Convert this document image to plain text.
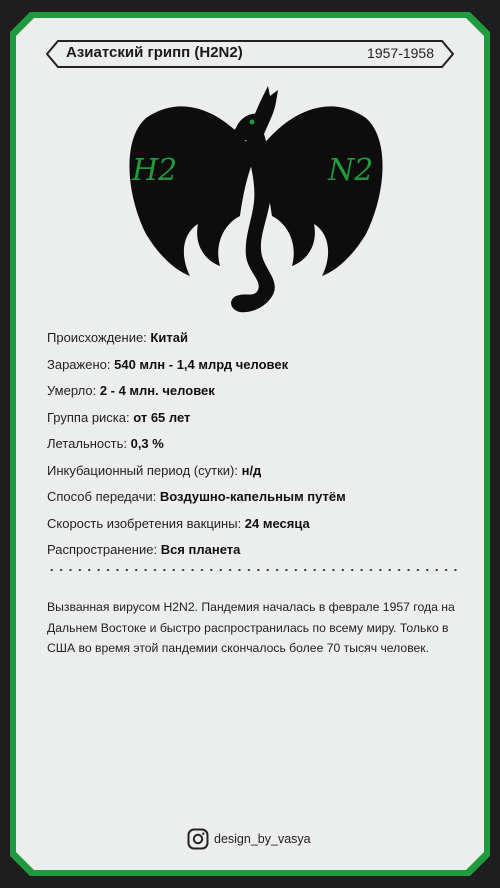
Азиатский грипп (H2N2)	1957-1958
H2	N2
Происхождение: Китай
Заражено: 540 млн - 1,4 млрд человек
Умерло: 2 - 4 млн. человек
Группа риска: от 65 лет
Летальность: 0,3 %
Инкубационный период (сутки): н/д
Способ передачи: Воздушно-капельным путём
Скорость изобретения вакцины: 24 месяца
Распространение: Вся планета
Вызванная вирусом H2N2. Пандемия началась в феврале 1957 года на Дальнем Востоке и быстро распространилась по всему миру. Только в США во время этой пандемии скончалось более 70 тысяч человек.
design_by_vasya
